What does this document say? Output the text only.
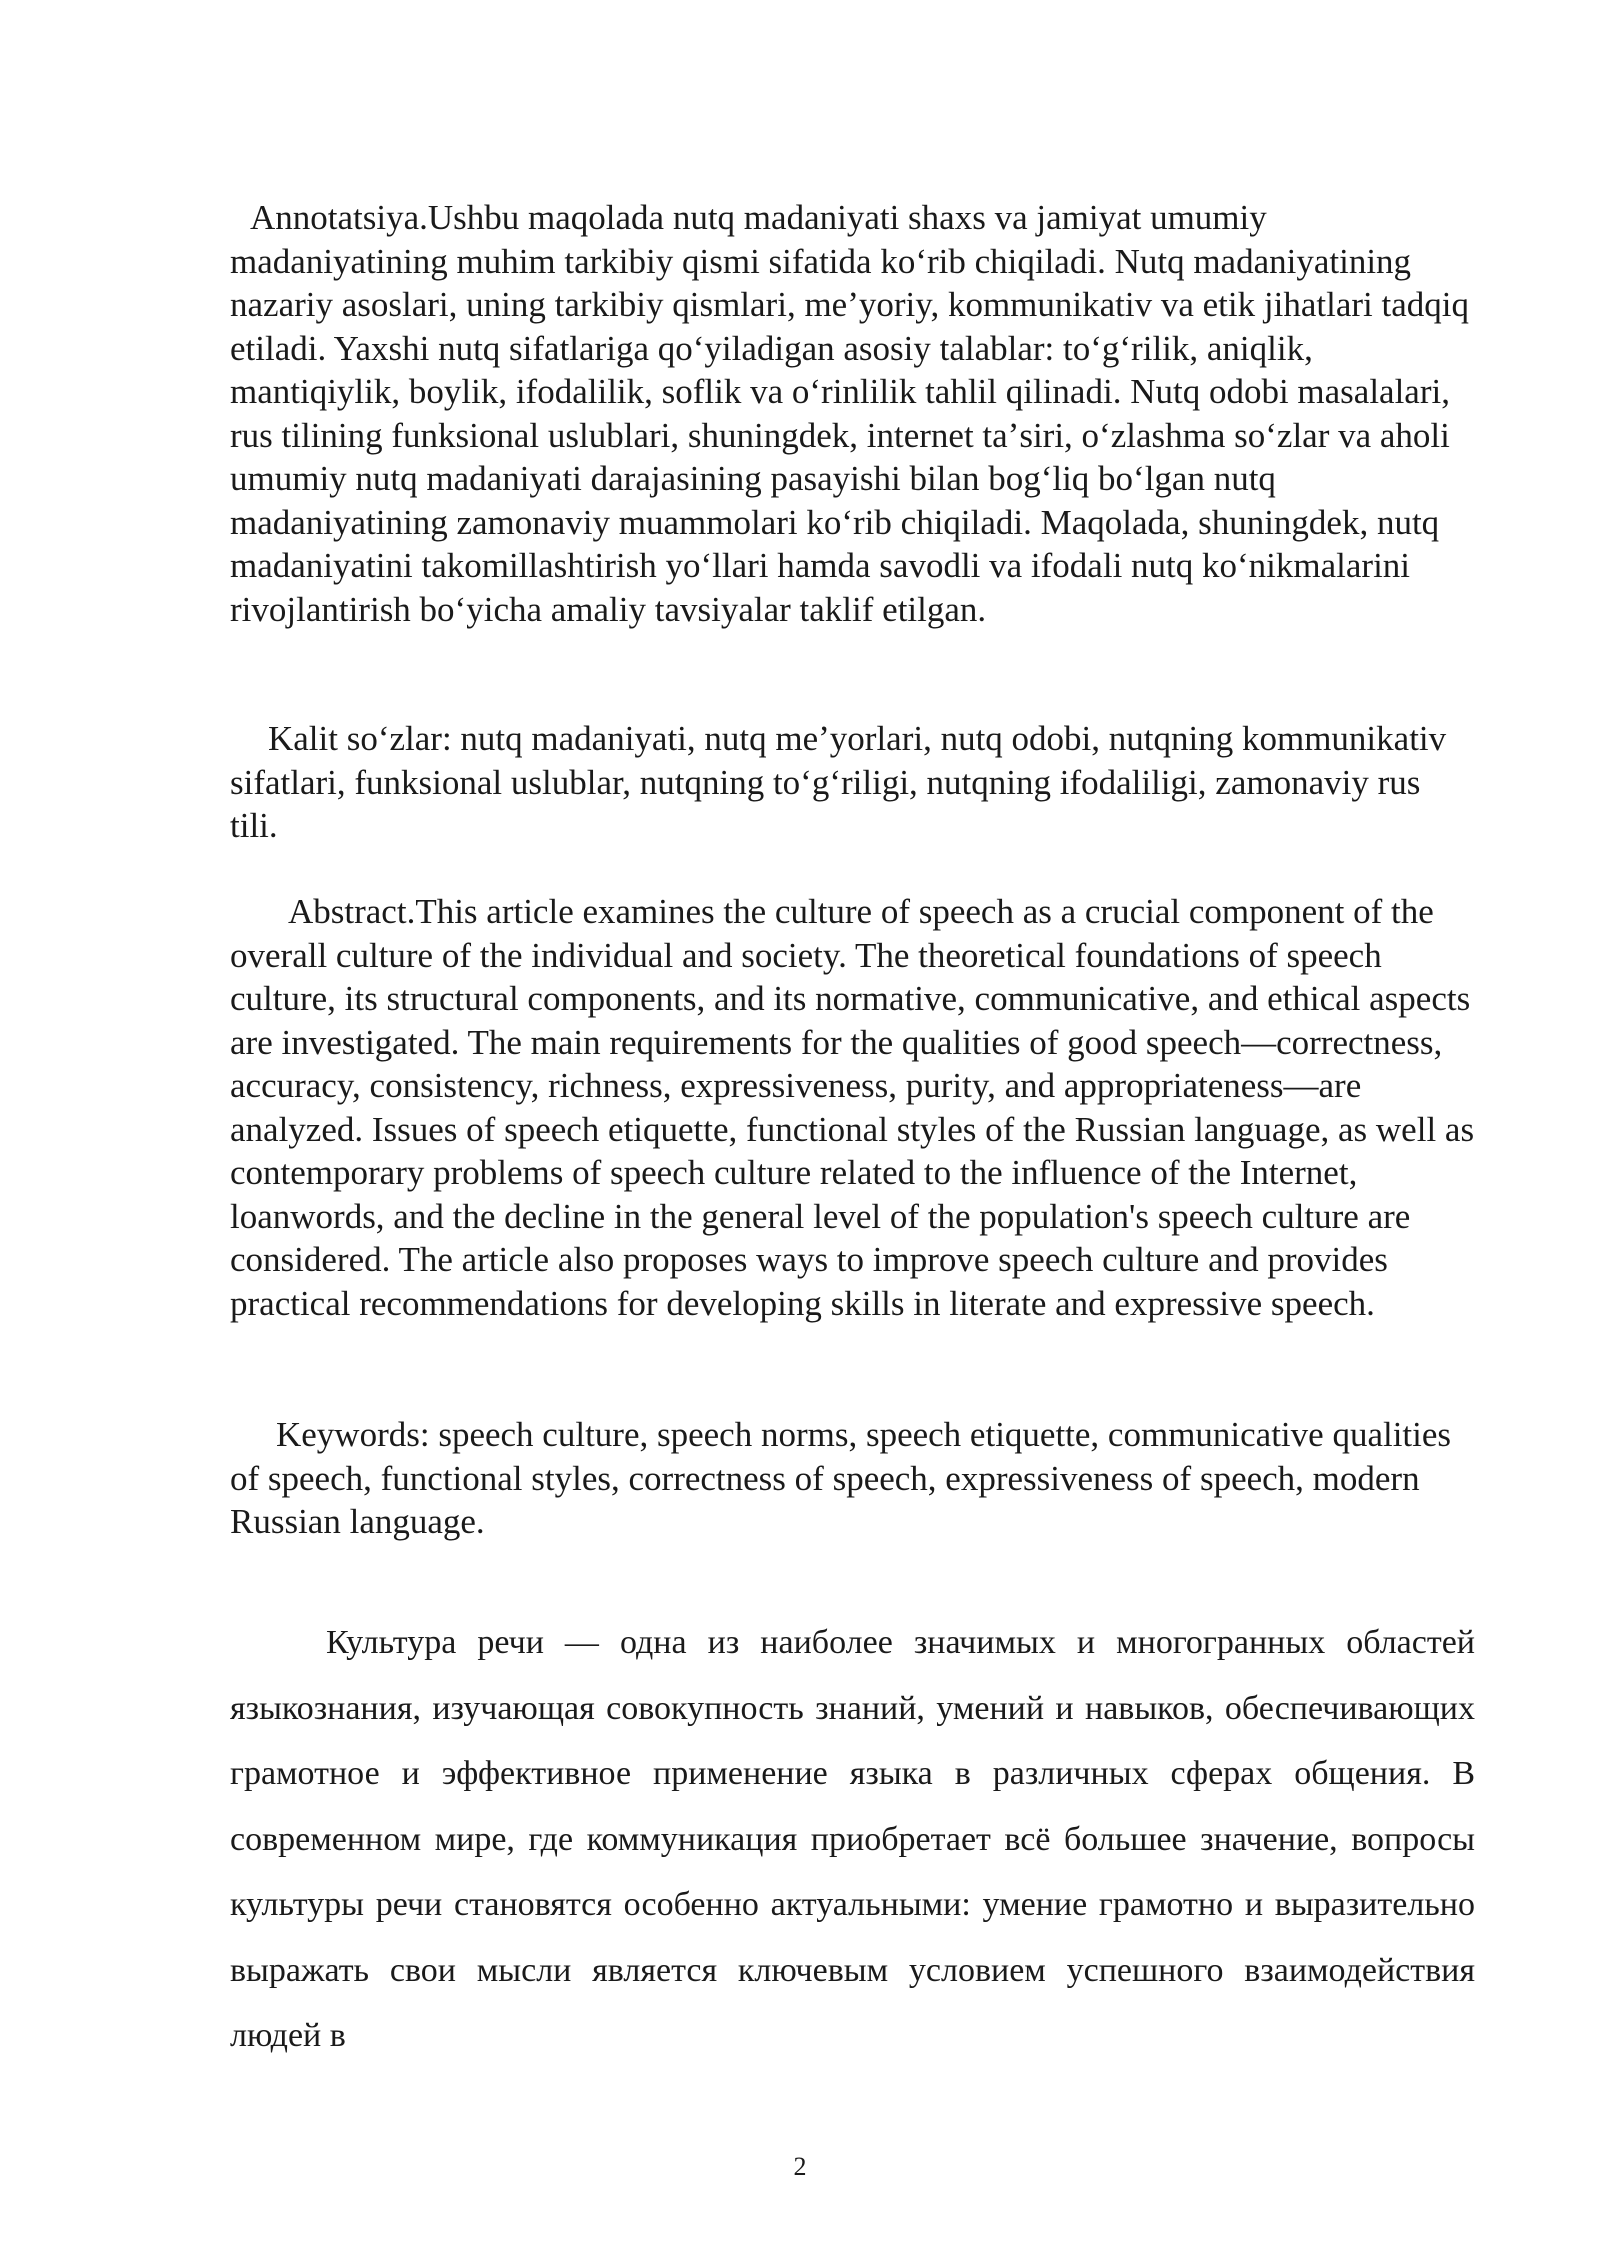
Annotatsiya.Ushbu maqolada nutq madaniyati shaxs va jamiyat umumiy madaniyatining muhim tarkibiy qismi sifatida koʻrib chiqiladi. Nutq madaniyatining nazariy asoslari, uning tarkibiy qismlari, meʼyoriy, kommunikativ va etik jihatlari tadqiq etiladi. Yaxshi nutq sifatlariga qoʻyiladigan asosiy talablar: toʻgʻrilik, aniqlik, mantiqiylik, boylik, ifodalilik, soflik va oʻrinlilik tahlil qilinadi. Nutq odobi masalalari, rus tilining funksional uslublari, shuningdek, internet taʼsiri, oʻzlashma soʻzlar va aholi umumiy nutq madaniyati darajasining pasayishi bilan bogʻliq boʻlgan nutq madaniyatining zamonaviy muammolari koʻrib chiqiladi. Maqolada, shuningdek, nutq madaniyatini takomillashtirish yoʻllari hamda savodli va ifodali nutq koʻnikmalarini rivojlantirish boʻyicha amaliy tavsiyalar taklif etilgan.

Kalit soʻzlar: nutq madaniyati, nutq meʼyorlari, nutq odobi, nutqning kommunikativ sifatlari, funksional uslublar, nutqning toʻgʻriligi, nutqning ifodaliligi, zamonaviy rus tili.

Abstract.This article examines the culture of speech as a crucial component of the overall culture of the individual and society. The theoretical foundations of speech culture, its structural components, and its normative, communicative, and ethical aspects are investigated. The main requirements for the qualities of good speech—correctness, accuracy, consistency, richness, expressiveness, purity, and appropriateness—are analyzed. Issues of speech etiquette, functional styles of the Russian language, as well as contemporary problems of speech culture related to the influence of the Internet, loanwords, and the decline in the general level of the population's speech culture are considered. The article also proposes ways to improve speech culture and provides practical recommendations for developing skills in literate and expressive speech.

Keywords: speech culture, speech norms, speech etiquette, communicative qualities of speech, functional styles, correctness of speech, expressiveness of speech, modern Russian language.

Культура речи — одна из наиболее значимых и многогранных областей языкознания, изучающая совокупность знаний, умений и навыков, обеспечивающих грамотное и эффективное применение языка в различных сферах общения. В современном мире, где коммуникация приобретает всё большее значение, вопросы культуры речи становятся особенно актуальными: умение грамотно и выразительно выражать свои мысли является ключевым условием успешного взаимодействия людей в

2
